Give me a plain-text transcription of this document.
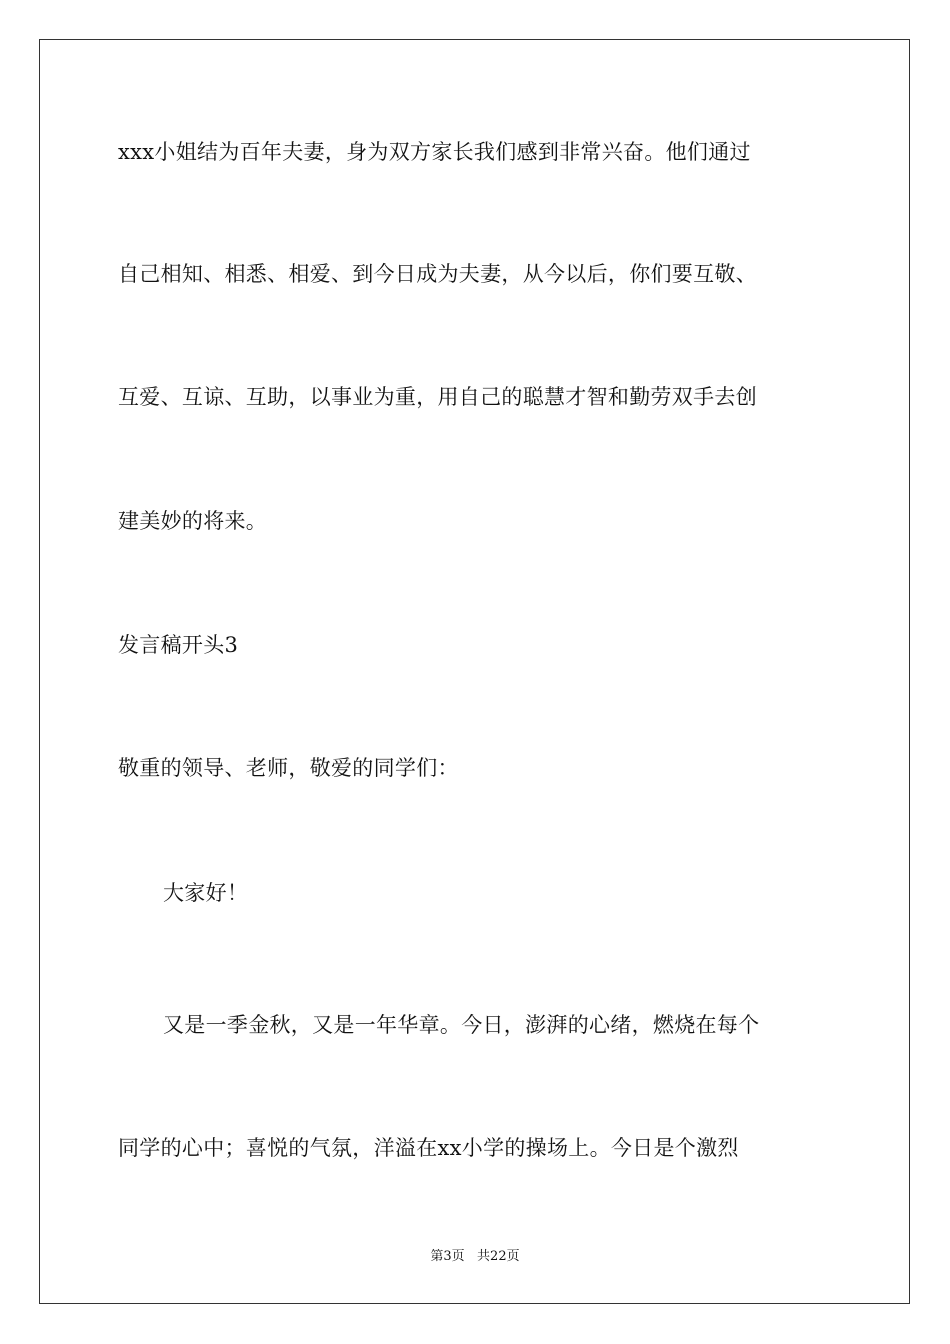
xxx小姐结为百年夫妻，身为双方家长我们感到非常兴奋。他们通过
自己相知、相悉、相爱、到今日成为夫妻，从今以后，你们要互敬、
互爱、互谅、互助，以事业为重，用自己的聪慧才智和勤劳双手去创
建美妙的将来。
发言稿开头3
敬重的领导、老师，敬爱的同学们：
大家好！
又是一季金秋，又是一年华章。今日，澎湃的心绪，燃烧在每个
同学的心中；喜悦的气氛，洋溢在xx小学的操场上。今日是个激烈
第3页   共22页
